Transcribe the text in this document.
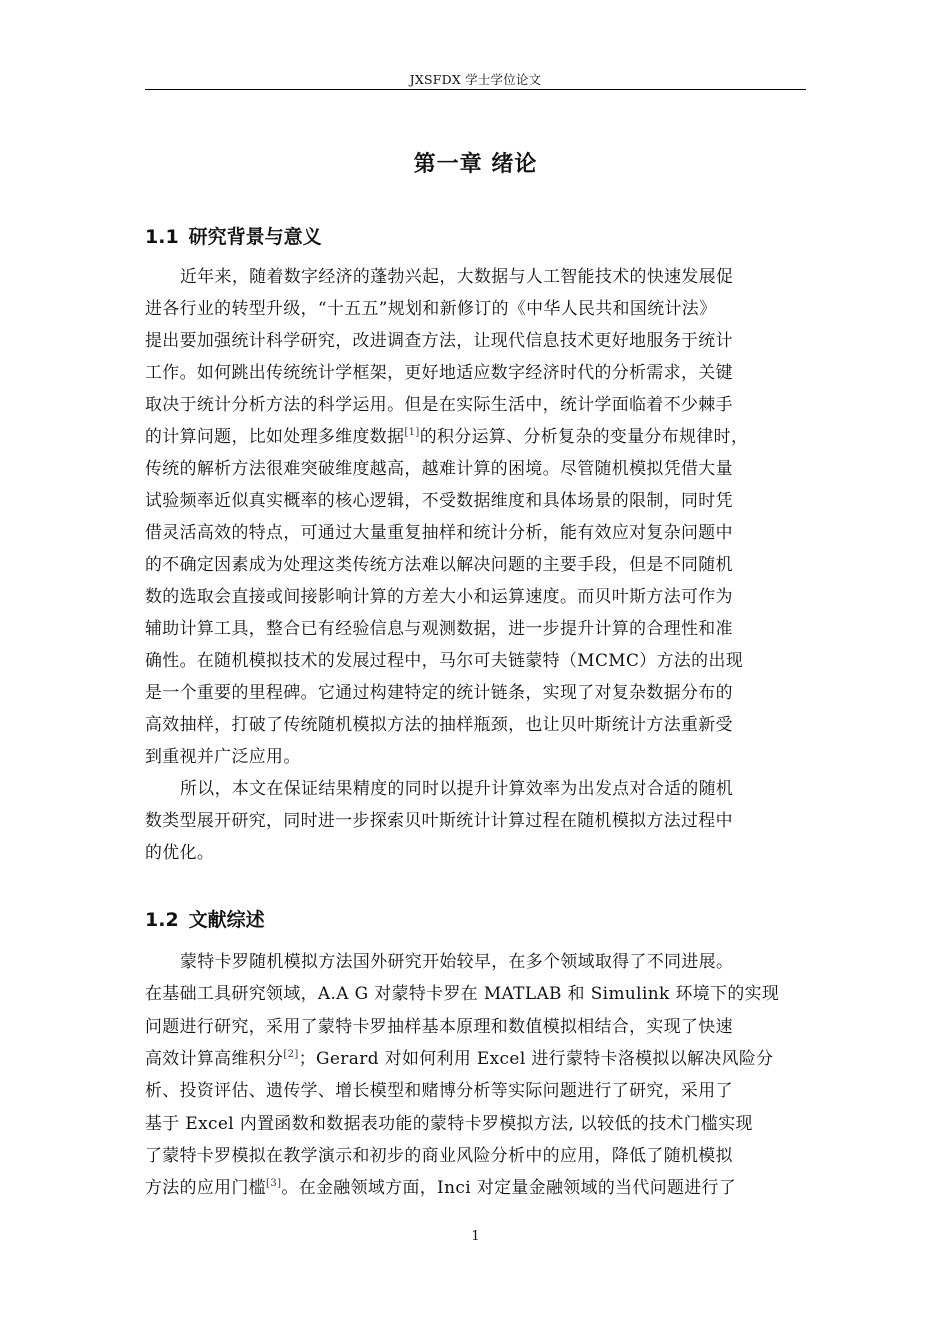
JXSFDX 学士学位论文
第一章 绪论
1.1 研究背景与意义
近年来，随着数字经济的蓬勃兴起，大数据与人工智能技术的快速发展促
进各行业的转型升级，“十五五”规划和新修订的《中华人民共和国统计法》
提出要加强统计科学研究，改进调查方法，让现代信息技术更好地服务于统计
工作。如何跳出传统统计学框架，更好地适应数字经济时代的分析需求，关键
取决于统计分析方法的科学运用。但是在实际生活中，统计学面临着不少棘手
的计算问题，比如处理多维度数据[1]的积分运算、分析复杂的变量分布规律时，
传统的解析方法很难突破维度越高，越难计算的困境。尽管随机模拟凭借大量
试验频率近似真实概率的核心逻辑，不受数据维度和具体场景的限制，同时凭
借灵活高效的特点，可通过大量重复抽样和统计分析，能有效应对复杂问题中
的不确定因素成为处理这类传统方法难以解决问题的主要手段，但是不同随机
数的选取会直接或间接影响计算的方差大小和运算速度。而贝叶斯方法可作为
辅助计算工具，整合已有经验信息与观测数据，进一步提升计算的合理性和准
确性。在随机模拟技术的发展过程中，马尔可夫链蒙特（MCMC）方法的出现
是一个重要的里程碑。它通过构建特定的统计链条，实现了对复杂数据分布的
高效抽样，打破了传统随机模拟方法的抽样瓶颈，也让贝叶斯统计方法重新受
到重视并广泛应用。
所以，本文在保证结果精度的同时以提升计算效率为出发点对合适的随机
数类型展开研究，同时进一步探索贝叶斯统计计算过程在随机模拟方法过程中
的优化。
1.2 文献综述
蒙特卡罗随机模拟方法国外研究开始较早，在多个领域取得了不同进展。
在基础工具研究领域，A.A G 对蒙特卡罗在 MATLAB 和 Simulink 环境下的实现
问题进行研究，采用了蒙特卡罗抽样基本原理和数值模拟相结合，实现了快速
高效计算高维积分[2]；Gerard 对如何利用 Excel 进行蒙特卡洛模拟以解决风险分
析、投资评估、遗传学、增长模型和赌博分析等实际问题进行了研究，采用了
基于 Excel 内置函数和数据表功能的蒙特卡罗模拟方法, 以较低的技术门槛实现
了蒙特卡罗模拟在教学演示和初步的商业风险分析中的应用，降低了随机模拟
方法的应用门槛[3]。在金融领域方面，Inci 对定量金融领域的当代问题进行了
1
